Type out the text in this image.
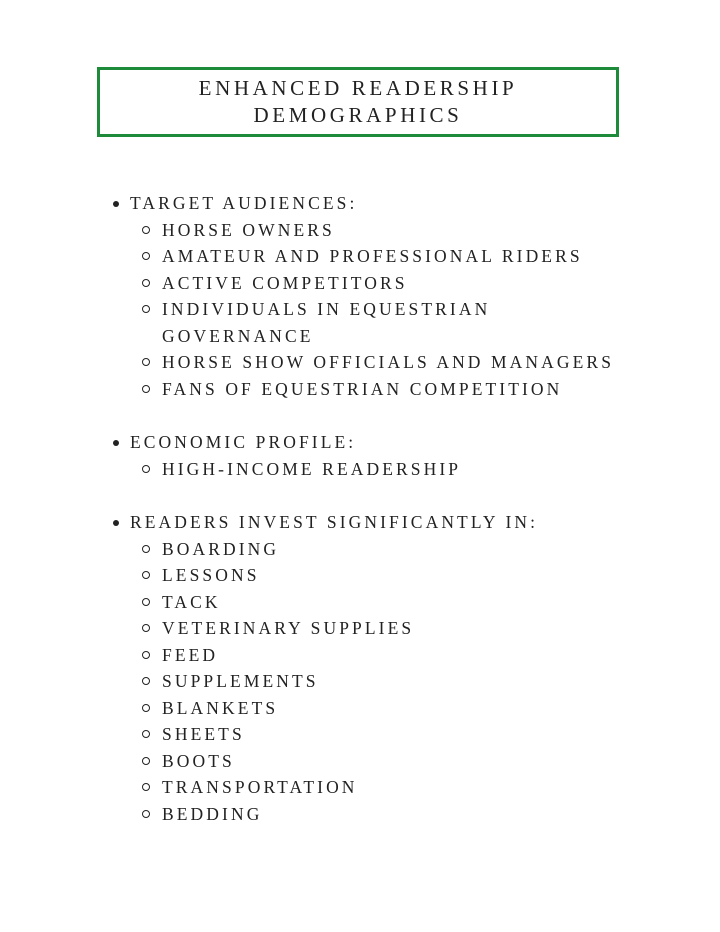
ENHANCED READERSHIP
DEMOGRAPHICS
TARGET AUDIENCES:
HORSE OWNERS
AMATEUR AND PROFESSIONAL RIDERS
ACTIVE COMPETITORS
INDIVIDUALS IN EQUESTRIAN GOVERNANCE
HORSE SHOW OFFICIALS AND MANAGERS
FANS OF EQUESTRIAN COMPETITION
ECONOMIC PROFILE:
HIGH-INCOME READERSHIP
READERS INVEST SIGNIFICANTLY IN:
BOARDING
LESSONS
TACK
VETERINARY SUPPLIES
FEED
SUPPLEMENTS
BLANKETS
SHEETS
BOOTS
TRANSPORTATION
BEDDING
